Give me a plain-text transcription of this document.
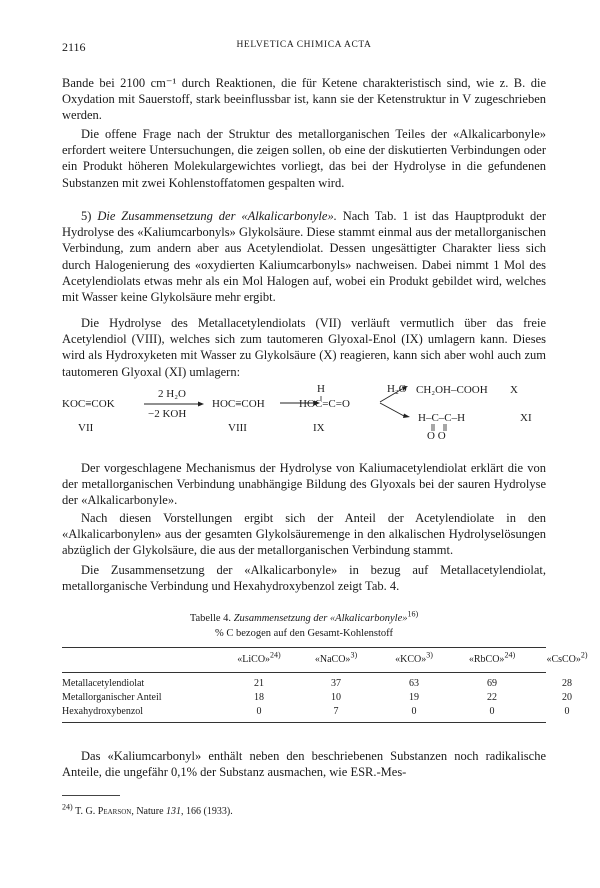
2116	HELVETICA CHIMICA ACTA

Bande bei 2100 cm⁻¹ durch Reaktionen, die für Ketene charakteristisch sind, wie z. B. die Oxydation mit Sauerstoff, stark beeinflussbar ist, kann sie der Ketenstruktur in V zugeschrieben werden.

Die offene Frage nach der Struktur des metallorganischen Teiles der «Alkalicarbonyle» erfordert weitere Untersuchungen, die zeigen sollen, ob eine der diskutierten Verbindungen oder ein Produkt höheren Molekulargewichtes vorliegt, das bei der Hydrolyse in die gefundenen Substanzen mit zwei Kohlenstoffatomen gespalten wird.

5) Die Zusammensetzung der «Alkalicarbonyle». Nach Tab. 1 ist das Hauptprodukt der Hydrolyse des «Kaliumcarbonyls» Glykolsäure. Diese stammt einmal aus der metallorganischen Verbindung, zum andern aber aus Acetylendiolat. Dessen ungesättigter Charakter liess sich durch Halogenierung des «oxydierten Kaliumcarbonyls» nachweisen. Dabei nimmt 1 Mol des Acetylendiolats etwas mehr als ein Mol Halogen auf, wobei ein Produkt gebildet wird, welches mit Wasser keine Glykolsäure mehr ergibt.

Die Hydrolyse des Metallacetylendiolats (VII) verläuft vermutlich über das freie Acetylendiol (VIII), welches sich zum tautomeren Glyoxal-Enol (IX) umlagern kann. Dieses wird als Hydroxyketen mit Wasser zu Glykolsäure (X) reagieren, kann sich aber wohl auch zum tautomeren Glyoxal (XI) umlagern:

KOC≡COK
VII
2 H₂O
−2 KOH
HOC≡COH
VIII
H
HOC=C=O
IX
H₂O CH₂OH–COOH X
H–C–C–H
O O
XI

Der vorgeschlagene Mechanismus der Hydrolyse von Kaliumacetylendiolat erklärt die von der metallorganischen Verbindung unabhängige Bildung des Glyoxals bei der sauren Hydrolyse der «Alkalicarbonyle».

Nach diesen Vorstellungen ergibt sich der Anteil der Acetylendiolate in den «Alkalicarbonylen» aus der gesamten Glykolsäuremenge in den alkalischen Hydrolyselösungen abzüglich der Glykolsäure, die aus der metallorganischen Verbindung stammt.

Die Zusammensetzung der «Alkalicarbonyle» in bezug auf Metallacetylendiolat, metallorganische Verbindung und Hexahydroxybenzol zeigt Tab. 4.

Tabelle 4. Zusammensetzung der «Alkalicarbonyle»$^{16)}$
% C bezogen auf den Gesamt-Kohlenstoff
«LiCO»$^{24)}$	«NaCO»$^{3)}$	«KCO»$^{3)}$	«RbCO»$^{24)}$	«CsCO»$^{2)}$
Metallacetylendiolat	21	37	63	69	28
Metallorganischer Anteil	18	10	19	22	20
Hexahydroxybenzol	0	7	0	0	0

Das «Kaliumcarbonyl» enthält neben den beschriebenen Substanzen noch radikalische Anteile, die ungefähr 0,1% der Substanz ausmachen, wie ESR.-Mes-

$^{24)}$ T. G. Pearson, Nature 131, 166 (1933).
